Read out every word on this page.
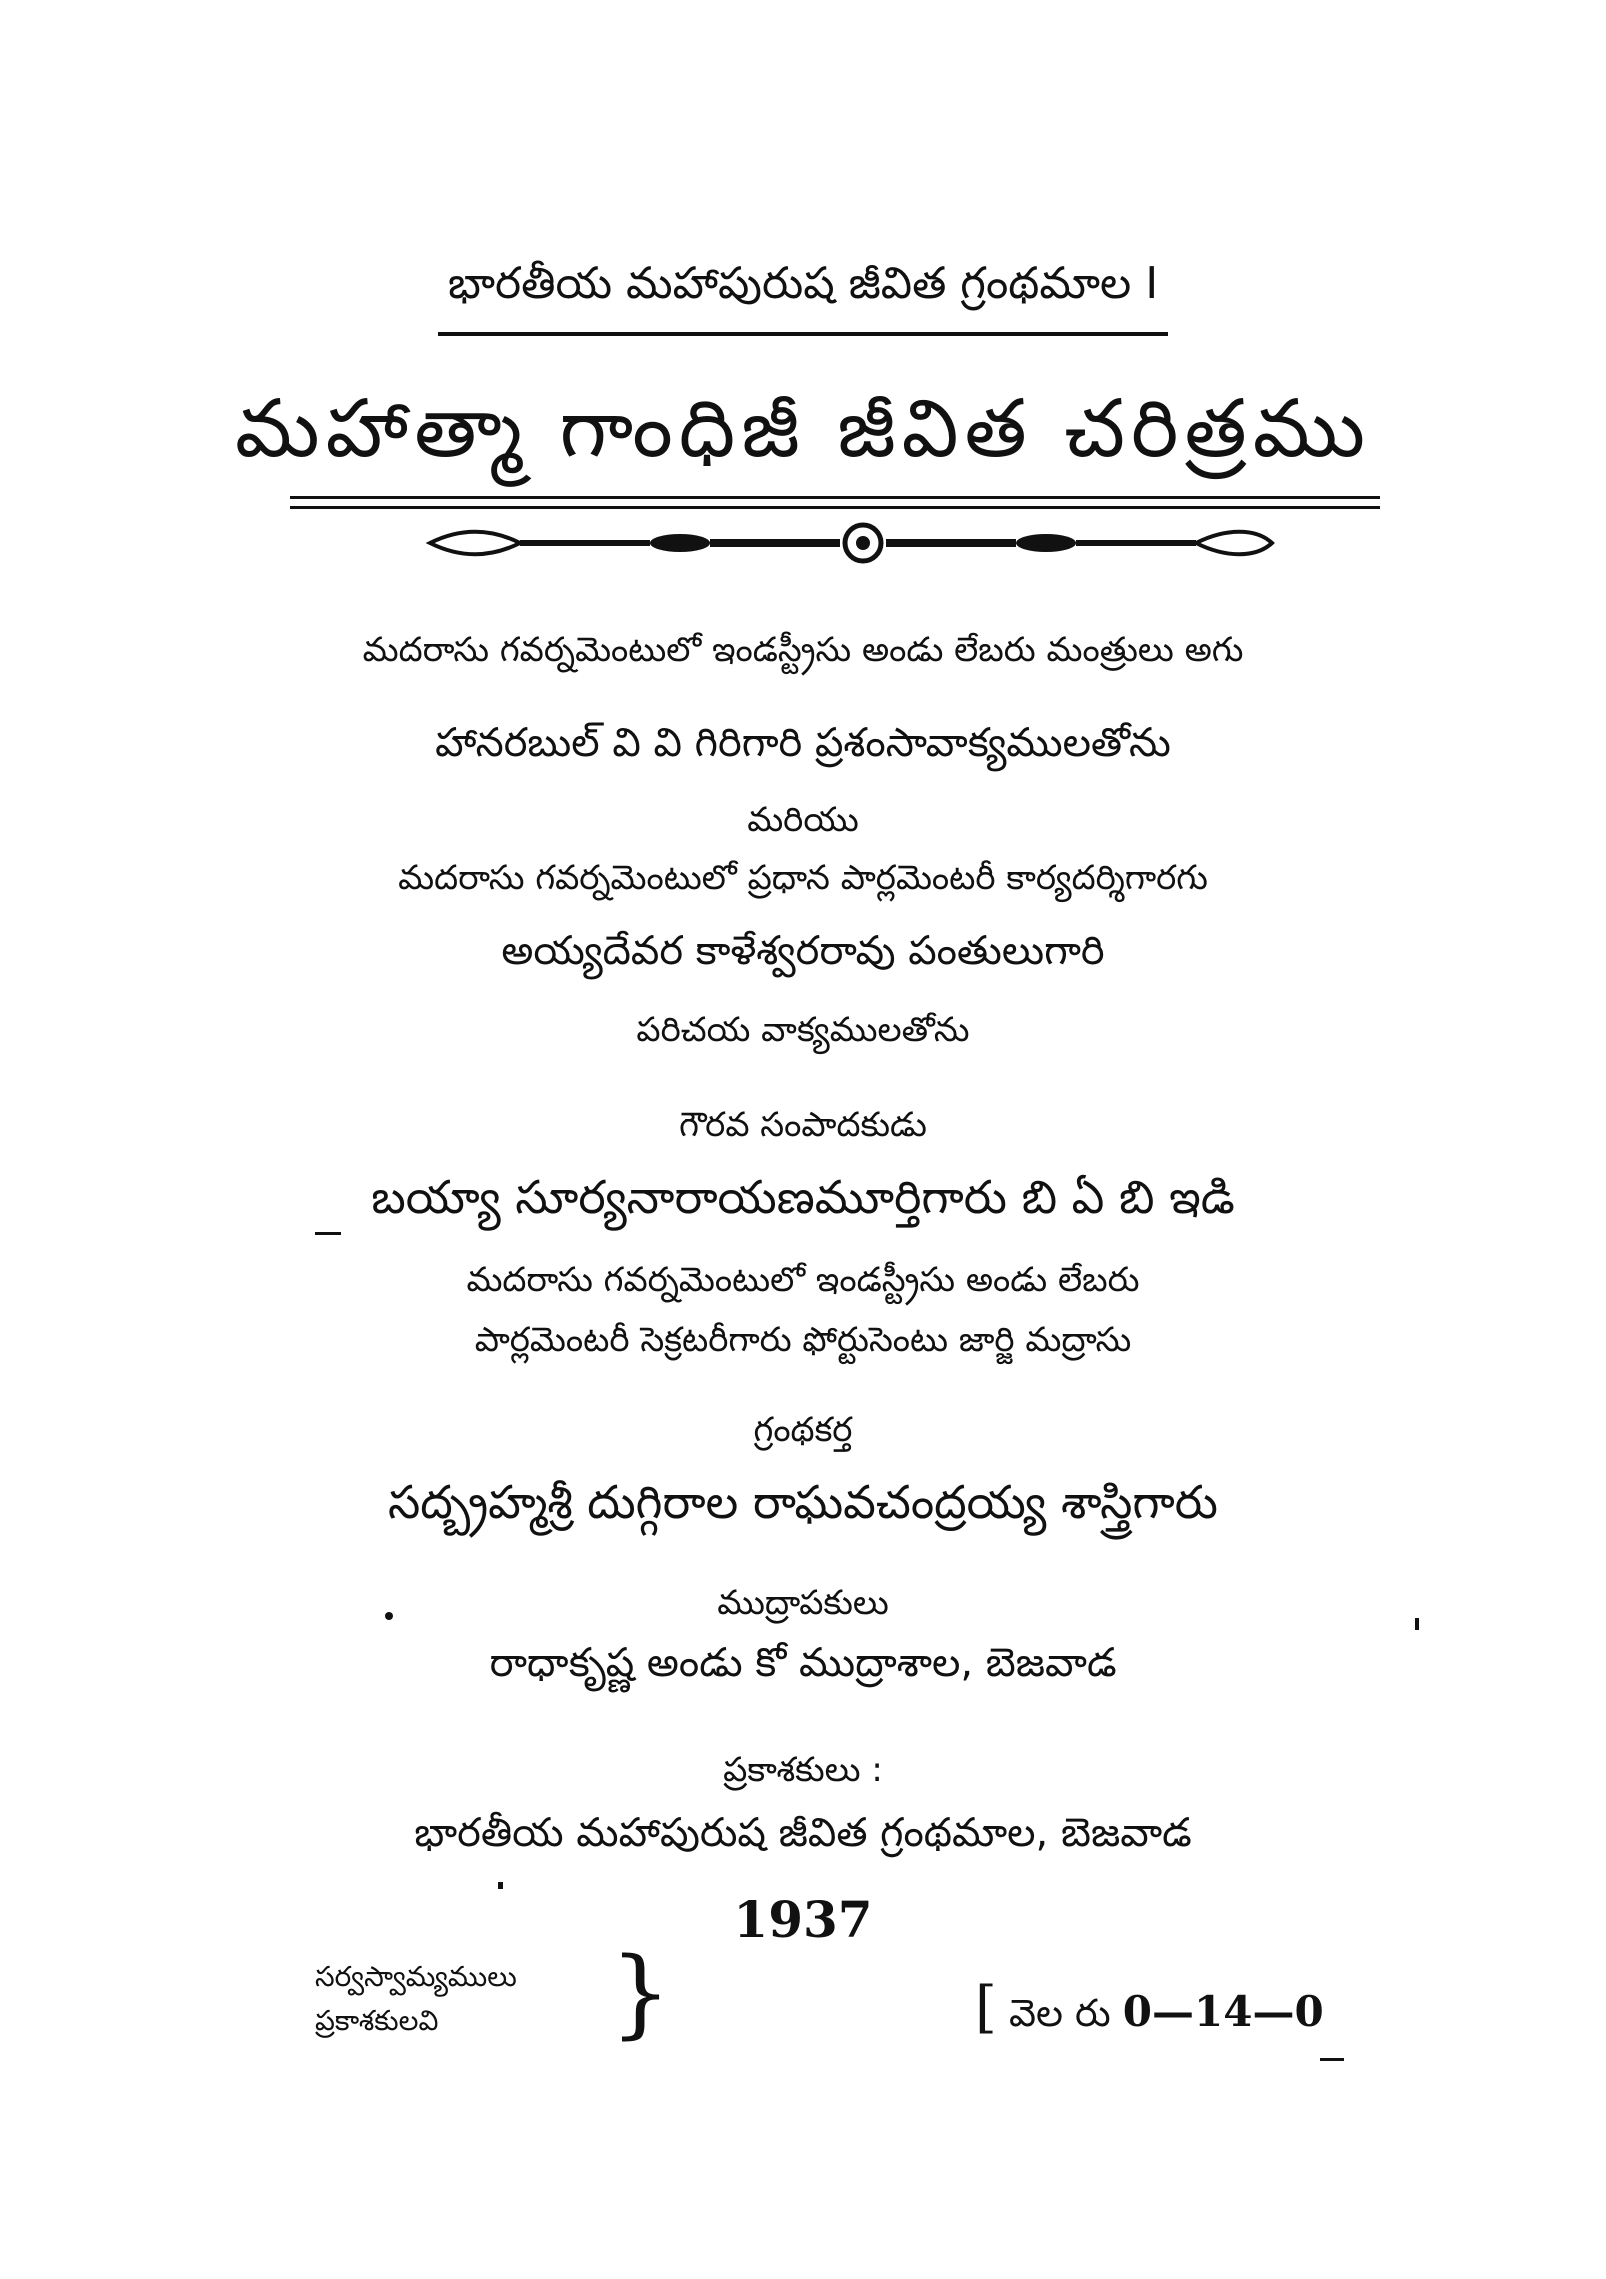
భారతీయ మహాపురుష జీవిత గ్రంథమాల I
మహాత్మా గాంధిజీ జీవిత చరిత్రము
మదరాసు గవర్నమెంటులో ఇండస్ట్రీసు అండు లేబరు మంత్రులు అగు
హానరబుల్ వి వి గిరిగారి ప్రశంసావాక్యములతోను
మరియు
మదరాసు గవర్నమెంటులో ప్రధాన పార్లమెంటరీ కార్యదర్శిగారగు
అయ్యదేవర కాళేశ్వరరావు పంతులుగారి
పరిచయ వాక్యములతోను
గౌరవ సంపాదకుడు
బయ్యా సూర్యనారాయణమూర్తిగారు బి ఏ బి ఇడి
మదరాసు గవర్నమెంటులో ఇండస్ట్రీసు అండు లేబరు
పార్లమెంటరీ సెక్రటరీగారు ఫోర్టుసెంటు జార్జి మద్రాసు
గ్రంథకర్త
సద్బ్రహ్మశ్రీ దుగ్గిరాల రాఘవచంద్రయ్య శాస్త్రిగారు
ముద్రాపకులు
రాధాకృష్ణ అండు కో ముద్రాశాల, బెజవాడ
ప్రకాశకులు :
భారతీయ మహాపురుష జీవిత గ్రంథమాల, బెజవాడ
1937
సర్వస్వామ్యములు
ప్రకాశకులవి	}	[ వెల రు 0—14—0
